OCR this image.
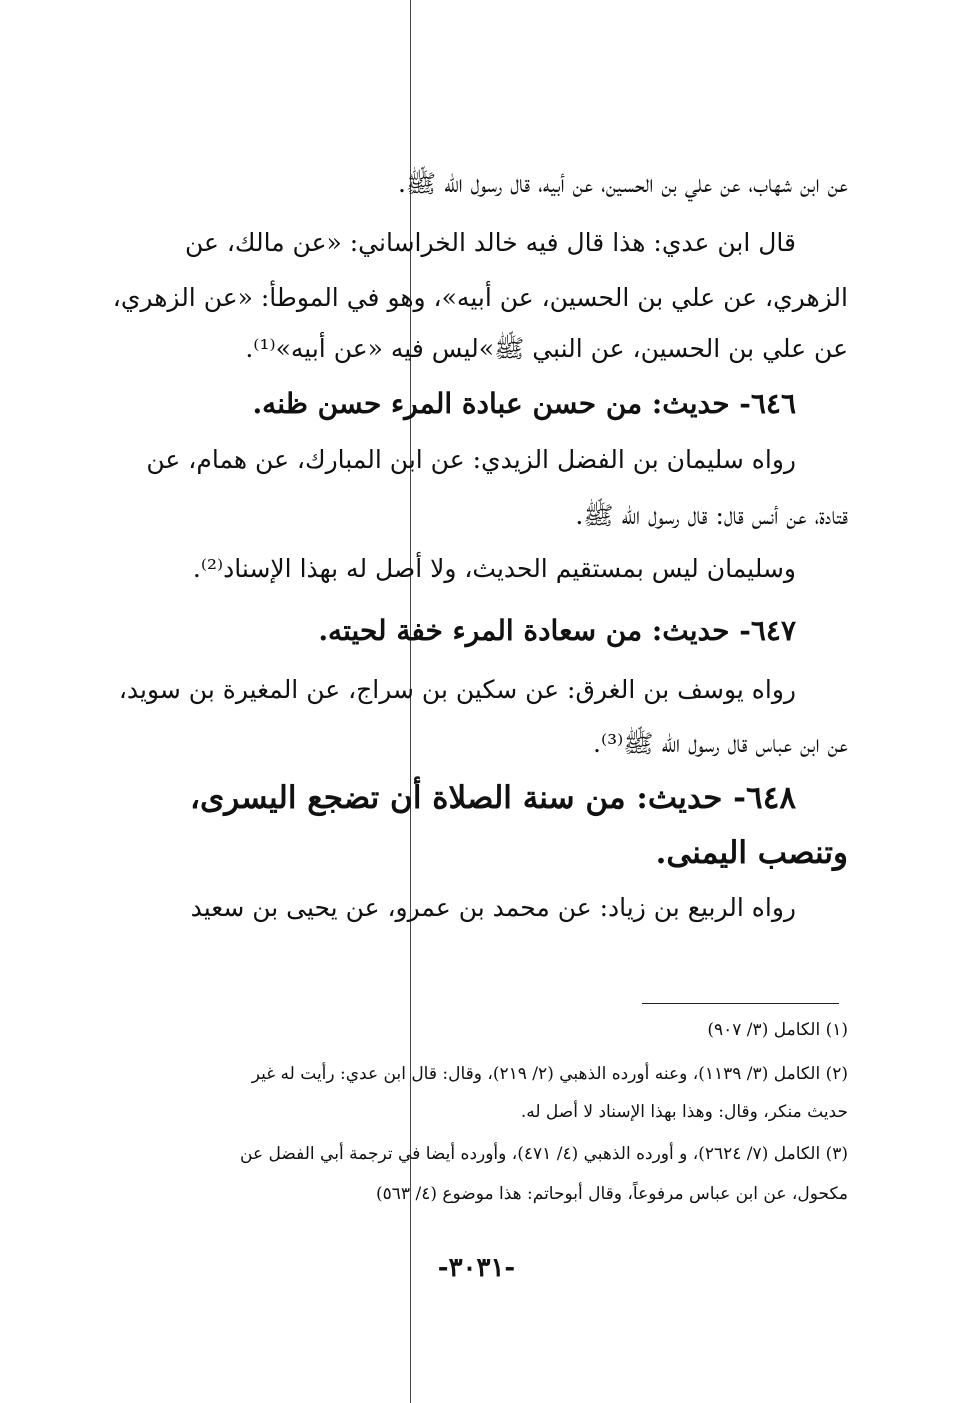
عن ابن شهاب، عن علي بن الحسين، عن أبيه، قال رسول الله ﷺ.
قال ابن عدي: هذا قال فيه خالد الخراساني: «عن مالك، عن
الزهري، عن علي بن الحسين، عن أبيه»، وهو في الموطأ: «عن الزهري،
عن علي بن الحسين، عن النبي ﷺ»ليس فيه «عن أبيه»⁽¹⁾.
٦٤٦- حديث: من حسن عبادة المرء حسن ظنه.
رواه سليمان بن الفضل الزيدي: عن ابن المبارك، عن همام، عن
قتادة، عن أنس قال: قال رسول الله ﷺ.
وسليمان ليس بمستقيم الحديث، ولا أصل له بهذا الإسناد⁽²⁾.
٦٤٧- حديث: من سعادة المرء خفة لحيته.
رواه يوسف بن الغرق: عن سكين بن سراج، عن المغيرة بن سويد،
عن ابن عباس قال رسول الله ﷺ⁽³⁾.
٦٤٨- حديث: من سنة الصلاة أن تضجع اليسرى،
وتنصب اليمنى.
رواه الربيع بن زياد: عن محمد بن عمرو، عن يحيى بن سعيد
(١) الكامل (٣/ ٩٠٧)
(٢) الكامل (٣/ ١١٣٩)، وعنه أورده الذهبي (٢/ ٢١٩)، وقال: قال ابن عدي: رأيت له غير
حديث منكر، وقال: وهذا بهذا الإسناد لا أصل له.
(٣) الكامل (٧/ ٢٦٢٤)، و أورده الذهبي (٤/ ٤٧١)، وأورده أيضا في ترجمة أبي الفضل عن
مكحول، عن ابن عباس مرفوعاً، وقال أبوحاتم: هذا موضوع (٤/ ٥٦٣)
-٣٠٣١-
